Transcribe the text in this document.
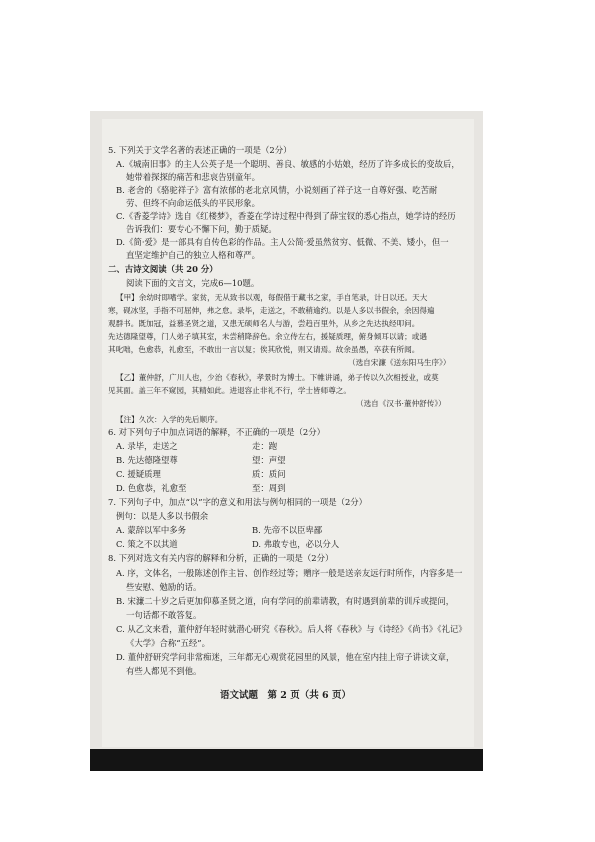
5. 下列关于文学名著的表述正确的一项是（2分）
A.《城南旧事》的主人公英子是一个聪明、善良、敏感的小姑娘，经历了许多成长的变故后，
她带着探探的痛苦和悲哀告别童年。
B. 老舍的《骆驼祥子》富有浓郁的老北京风情，小说刻画了祥子这一自尊好强、吃苦耐
劳、但终不向命运低头的平民形象。
C.《香菱学诗》选自《红楼梦》，香菱在学诗过程中得到了薛宝钗的悉心指点，她学诗的经历
告诉我们：要专心不懈下问，勤于质疑。
D.《简·爱》是一部具有自传色彩的作品。主人公简·爱虽然贫穷、低微、不美、矮小，但一
直坚定维护自己的独立人格和尊严。
二、古诗文阅读（共 20 分）
阅读下面的文言文，完成6—10题。
【甲】余幼时即嗜学。家贫，无从致书以观，每假借于藏书之家，手自笔录，计日以还。天大
寒，砚冰坚，手指不可屈伸，弗之怠。录毕，走送之，不敢稍逾约。以是人多以书假余，余因得遍
观群书。既加冠，益慕圣贤之道，又患无硕师名人与游，尝趋百里外，从乡之先达执经叩问。
先达德隆望尊，门人弟子填其室，未尝稍降辞色。余立侍左右，援疑质理，俯身倾耳以请；或遇
其叱咄，色愈恭，礼愈至，不敢出一言以复；俟其欣悦，则又请焉。故余虽愚，卒获有所闻。
（选自宋濂《送东阳马生序》）
【乙】董仲舒，广川人也，少治《春秋》，孝景时为博士。下帷讲诵，弟子传以久次相授业，或莫
见其面。盖三年不窥园，其精如此。进退容止非礼不行，学士皆师尊之。
（选自《汉书·董仲舒传》）
【注】久次：入学的先后顺序。
6. 对下列句子中加点词语的解释，不正确的一项是（2分）
A. 录毕，走送之	走：跑
B. 先达德隆望尊	望：声望
C. 援疑质理	质：质问
D. 色愈恭，礼愈至	至：周到
7. 下列句子中，加点“以”字的意义和用法与例句相同的一项是（2分）
例句：以是人多以书假余
A. 蒙辞以军中多务	B. 先帝不以臣卑鄙
C. 策之不以其道	D. 弗敢专也，必以分人
8. 下列对选文有关内容的解释和分析，正确的一项是（2分）
A. 序，文体名，一般陈述创作主旨、创作经过等；赠序一般是送亲友远行时所作，内容多是一
些安慰、勉励的话。
B. 宋濂二十岁之后更加仰慕圣贤之道，向有学问的前辈请教，有时遇到前辈的训斥或提问，
一句话都不敢答复。
C. 从乙文来看，董仲舒年轻时就潜心研究《春秋》。后人将《春秋》与《诗经》《尚书》《礼记》
《大学》合称“五经”。
D. 董仲舒研究学问非常痴迷，三年都无心观赏花园里的风景，他在室内挂上帘子讲读文章，
有些人都见不到他。
语文试题　第 2 页（共 6 页）
